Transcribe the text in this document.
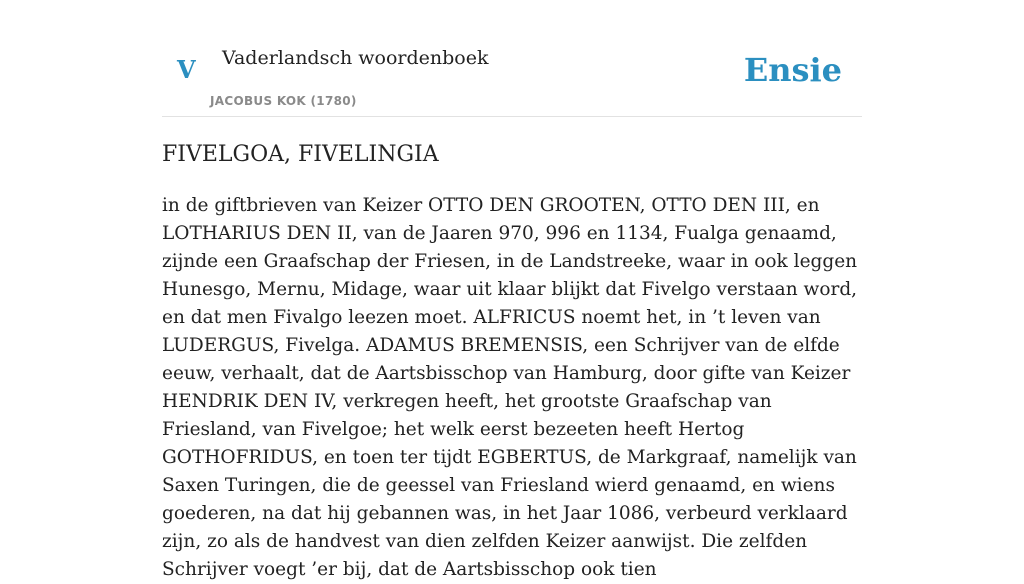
V Vaderlandsch woordenboek
JACOBUS KOK (1780)
Ensie
FIVELGOA, FIVELINGIA

in de giftbrieven van Keizer OTTO DEN GROOTEN, OTTO DEN III, en LOTHARIUS DEN II, van de Jaaren 970, 996 en 1134, Fualga genaamd, zijnde een Graafschap der Friesen, in de Landstreeke, waar in ook leggen Hunesgo, Mernu, Midage, waar uit klaar blijkt dat Fivelgo verstaan word, en dat men Fivalgo leezen moet. ALFRICUS noemt het, in ’t leven van LUDERGUS, Fivelga. ADAMUS BREMENSIS, een Schrijver van de elfde eeuw, verhaalt, dat de Aartsbisschop van Hamburg, door gifte van Keizer HENDRIK DEN IV, verkregen heeft, het grootste Graafschap van Friesland, van Fivelgoe; het welk eerst bezeeten heeft Hertog GOTHOFRIDUS, en toen ter tijdt EGBERTUS, de Markgraaf, namelijk van Saxen Turingen, die de geessel van Friesland wierd genaamd, en wiens goederen, na dat hij gebannen was, in het Jaar 1086, verbeurd verklaard zijn, zo als de handvest van dien zelfden Keizer aanwijst. Die zelfden Schrijver voegt ’er bij, dat de Aartsbisschop ook tien
